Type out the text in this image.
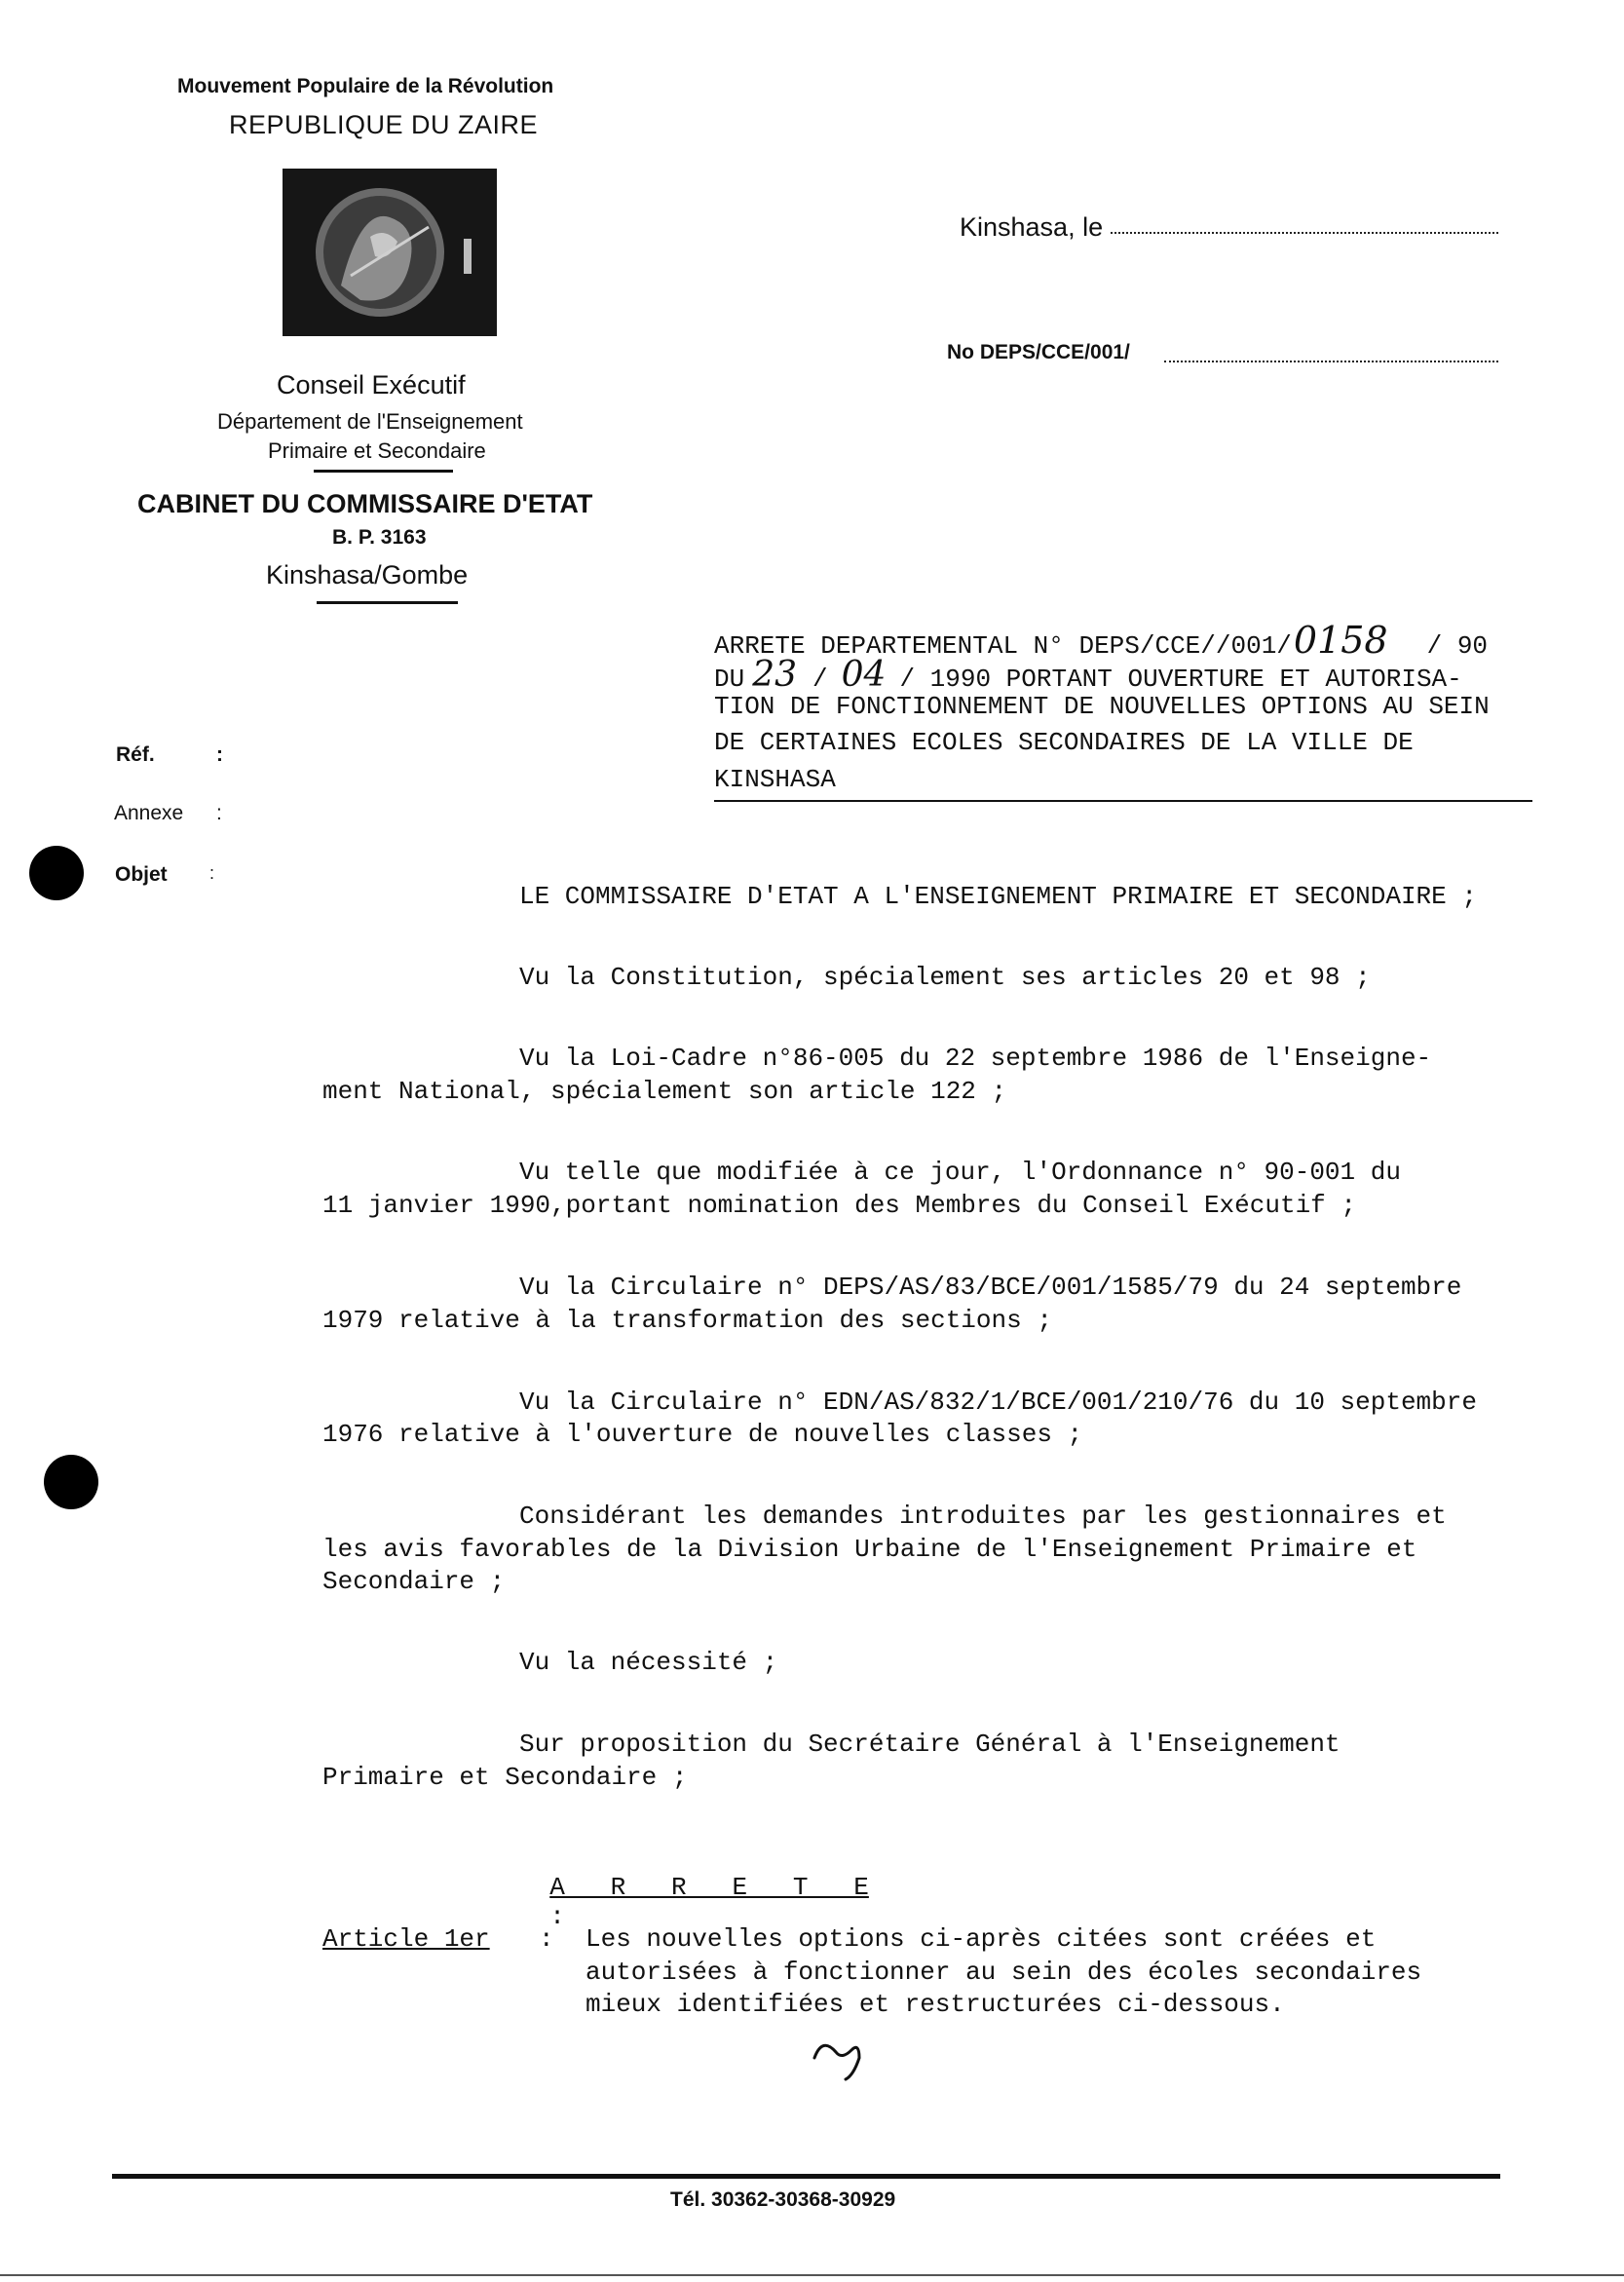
Mouvement Populaire de la Révolution
REPUBLIQUE DU ZAIRE
Conseil Exécutif
Département de l'Enseignement
Primaire et Secondaire
CABINET DU COMMISSAIRE D'ETAT
B. P. 3163
Kinshasa/Gombe
Kinshasa, le
No DEPS/CCE/001/
Réf.	:
Annexe :
Objet :
ARRETE DEPARTEMENTAL N° DEPS/CCE//001/0158 / 90
DU 23 / 04 / 1990 PORTANT OUVERTURE ET AUTORISA-
TION DE FONCTIONNEMENT DE NOUVELLES OPTIONS AU SEIN
DE CERTAINES ECOLES SECONDAIRES DE LA VILLE DE
KINSHASA
LE COMMISSAIRE D'ETAT A L'ENSEIGNEMENT PRIMAIRE ET SECONDAIRE ;
Vu la Constitution, spécialement ses articles 20 et 98 ;
Vu la Loi-Cadre n°86-005 du 22 septembre 1986 de l'Enseigne-
ment National, spécialement son article 122 ;
Vu telle que modifiée à ce jour, l'Ordonnance n° 90-001 du
11 janvier 1990,portant nomination des Membres du Conseil Exécutif ;
Vu la Circulaire n° DEPS/AS/83/BCE/001/1585/79 du 24 septembre
1979 relative à la transformation des sections ;
Vu la Circulaire n° EDN/AS/832/1/BCE/001/210/76 du 10 septembre
1976 relative à l'ouverture de nouvelles classes ;
Considérant les demandes introduites par les gestionnaires et
les avis favorables de la Division Urbaine de l'Enseignement Primaire et
Secondaire ;
Vu la nécessité ;
Sur proposition du Secrétaire Général à l'Enseignement
Primaire et Secondaire ;

A   R   R   E   T   E
:

Article 1er : Les nouvelles options ci-après citées sont créées et
autorisées à fonctionner au sein des écoles secondaires
mieux identifiées et restructurées ci-dessous.
Tél. 30362-30368-30929
